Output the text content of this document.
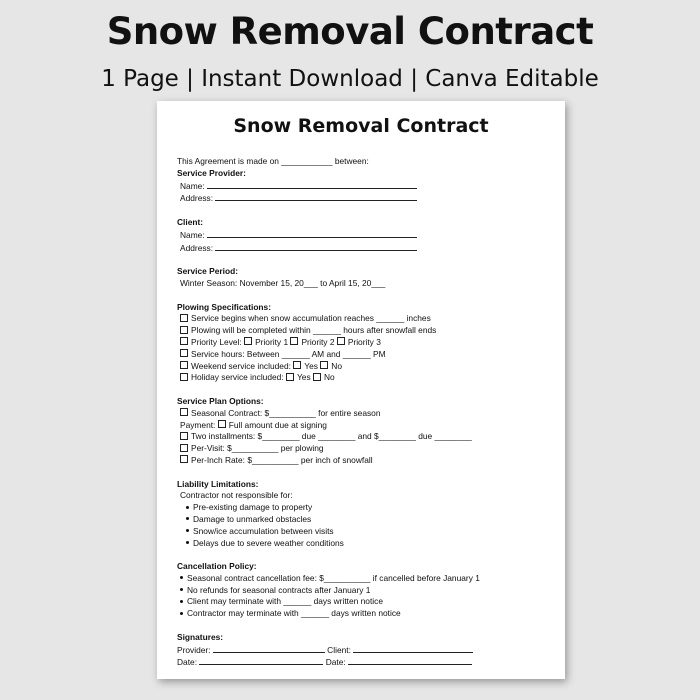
Snow Removal Contract
1 Page | Instant Download | Canva Editable
Snow Removal Contract
This Agreement is made on ___________ between:
Service Provider:
Name:
Address:
Client:
Name:
Address:
Service Period:
Winter Season: November 15, 20___ to April 15, 20___
Plowing Specifications:
Service begins when snow accumulation reaches ______ inches
Plowing will be completed within ______ hours after snowfall ends
Priority Level: Priority 1 Priority 2 Priority 3
Service hours: Between ______ AM and ______ PM
Weekend service included: Yes No
Holiday service included: Yes No
Service Plan Options:
Seasonal Contract: $__________ for entire season
Payment: Full amount due at signing
Two installments: $________ due ________ and $________ due ________
Per-Visit: $__________ per plowing
Per-Inch Rate: $__________ per inch of snowfall
Liability Limitations:
Contractor not responsible for:
Pre-existing damage to property
Damage to unmarked obstacles
Snow/ice accumulation between visits
Delays due to severe weather conditions
Cancellation Policy:
Seasonal contract cancellation fee: $__________ if cancelled before January 1
No refunds for seasonal contracts after January 1
Client may terminate with ______ days written notice
Contractor may terminate with ______ days written notice
Signatures:
Provider:	Client:
Date:	Date:
